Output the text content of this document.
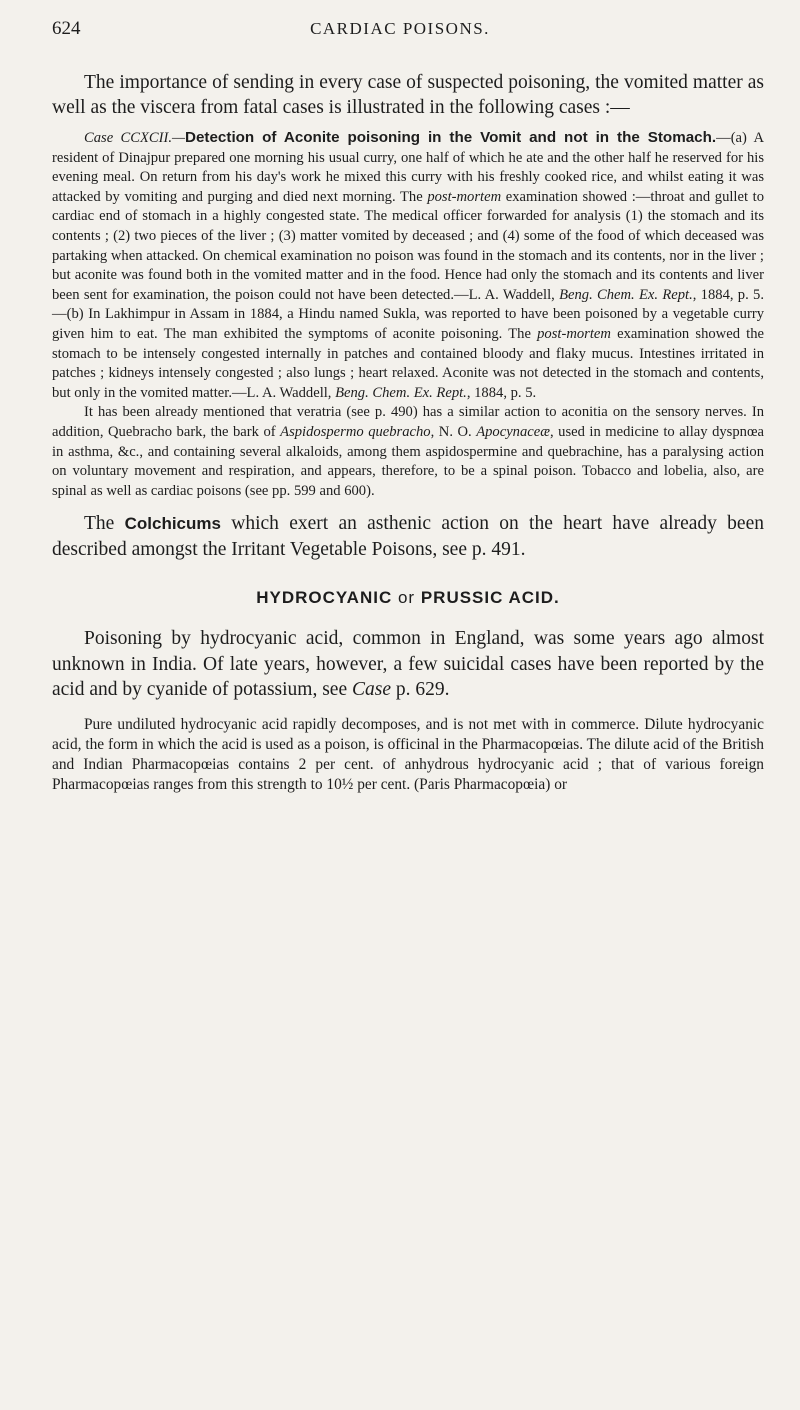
624	CARDIAC POISONS.

The importance of sending in every case of suspected poisoning, the vomited matter as well as the viscera from fatal cases is illustrated in the following cases :—

Case CCXCII.—Detection of Aconite poisoning in the Vomit and not in the Stomach.—(a) A resident of Dinajpur prepared one morning his usual curry, one half of which he ate and the other half he reserved for his evening meal. On return from his day's work he mixed this curry with his freshly cooked rice, and whilst eating it was attacked by vomiting and purging and died next morning. The post-mortem examination showed :—throat and gullet to cardiac end of stomach in a highly congested state. The medical officer forwarded for analysis (1) the stomach and its contents ; (2) two pieces of the liver ; (3) matter vomited by deceased ; and (4) some of the food of which deceased was partaking when attacked. On chemical examination no poison was found in the stomach and its contents, nor in the liver ; but aconite was found both in the vomited matter and in the food. Hence had only the stomach and its contents and liver been sent for examination, the poison could not have been detected.—L. A. Waddell, Beng. Chem. Ex. Rept., 1884, p. 5.—(b) In Lakhimpur in Assam in 1884, a Hindu named Sukla, was reported to have been poisoned by a vegetable curry given him to eat. The man exhibited the symptoms of aconite poisoning. The post-mortem examination showed the stomach to be intensely congested internally in patches and contained bloody and flaky mucus. Intestines irritated in patches ; kidneys intensely congested ; also lungs ; heart relaxed. Aconite was not detected in the stomach and contents, but only in the vomited matter.—L. A. Waddell, Beng. Chem. Ex. Rept., 1884, p. 5.

It has been already mentioned that veratria (see p. 490) has a similar action to aconitia on the sensory nerves. In addition, Quebracho bark, the bark of Aspidospermo quebracho, N. O. Apocynaceæ, used in medicine to allay dyspnœa in asthma, &c., and containing several alkaloids, among them aspidospermine and quebrachine, has a paralysing action on voluntary movement and respiration, and appears, therefore, to be a spinal poison. Tobacco and lobelia, also, are spinal as well as cardiac poisons (see pp. 599 and 600).

The Colchicums which exert an asthenic action on the heart have already been described amongst the Irritant Vegetable Poisons, see p. 491.

HYDROCYANIC or PRUSSIC ACID.

Poisoning by hydrocyanic acid, common in England, was some years ago almost unknown in India. Of late years, however, a few suicidal cases have been reported by the acid and by cyanide of potassium, see Case p. 629.

Pure undiluted hydrocyanic acid rapidly decomposes, and is not met with in commerce. Dilute hydrocyanic acid, the form in which the acid is used as a poison, is officinal in the Pharmacopœias. The dilute acid of the British and Indian Pharmacopœias contains 2 per cent. of anhydrous hydrocyanic acid ; that of various foreign Pharmacopœias ranges from this strength to 10½ per cent. (Paris Pharmacopœia) or
